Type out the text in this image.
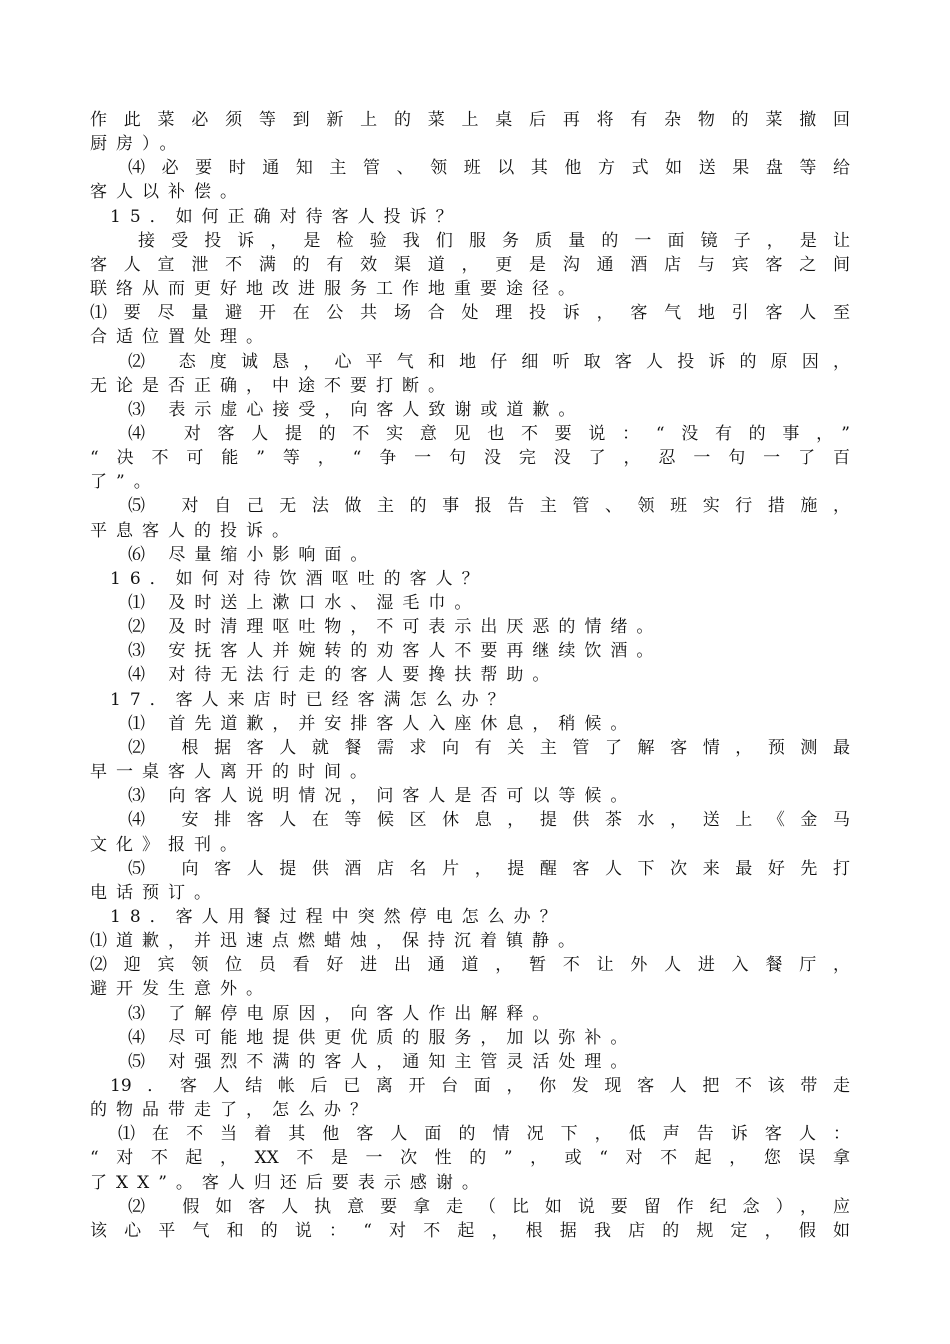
作此菜必须等到新上的菜上桌后再将有杂物的菜撤回
厨房）。
⑷必要时通知主管、领班以其他方式如送果盘等给
客人以补偿。
15．如何正确对待客人投诉？
接受投诉，是检验我们服务质量的一面镜子，是让
客人宣泄不满的有效渠道，更是沟通酒店与宾客之间
联络从而更好地改进服务工作地重要途径。
⑴要尽量避开在公共场合处理投诉，客气地引客人至
合适位置处理。
⑵ 态度诚恳，心平气和地仔细听取客人投诉的原因，
无论是否正确，中途不要打断。
⑶ 表示虚心接受，向客人致谢或道歉。
⑷ 对客人提的不实意见也不要说：“没有的事，”
“决不可能”等，“争一句没完没了，忍一句一了百
了”。
⑸ 对自己无法做主的事报告主管、领班实行措施，
平息客人的投诉。
⑹ 尽量缩小影响面。
16．如何对待饮酒呕吐的客人？
⑴ 及时送上漱口水、湿毛巾。
⑵ 及时清理呕吐物，不可表示出厌恶的情绪。
⑶ 安抚客人并婉转的劝客人不要再继续饮酒。
⑷ 对待无法行走的客人要搀扶帮助。
17．客人来店时已经客满怎么办？
⑴ 首先道歉，并安排客人入座休息，稍候。
⑵ 根据客人就餐需求向有关主管了解客情，预测最
早一桌客人离开的时间。
⑶ 向客人说明情况，问客人是否可以等候。
⑷ 安排客人在等候区休息，提供茶水，送上《金马
文化》报刊。
⑸ 向客人提供酒店名片，提醒客人下次来最好先打
电话预订。
18．客人用餐过程中突然停电怎么办？
⑴道歉，并迅速点燃蜡烛，保持沉着镇静。
⑵迎宾领位员看好进出通道，暂不让外人进入餐厅，
避开发生意外。
⑶ 了解停电原因，向客人作出解释。
⑷ 尽可能地提供更优质的服务，加以弥补。
⑸ 对强烈不满的客人，通知主管灵活处理。
19．客人结帐后已离开台面，你发现客人把不该带走
的物品带走了，怎么办？
⑴在不当着其他客人面的情况下，低声告诉客人：
“对不起，XX不是一次性的”，或“对不起，您误拿
了XX”。客人归还后要表示感谢。
⑵ 假如客人执意要拿走（比如说要留作纪念），应
该心平气和的说：“对不起，根据我店的规定，假如
